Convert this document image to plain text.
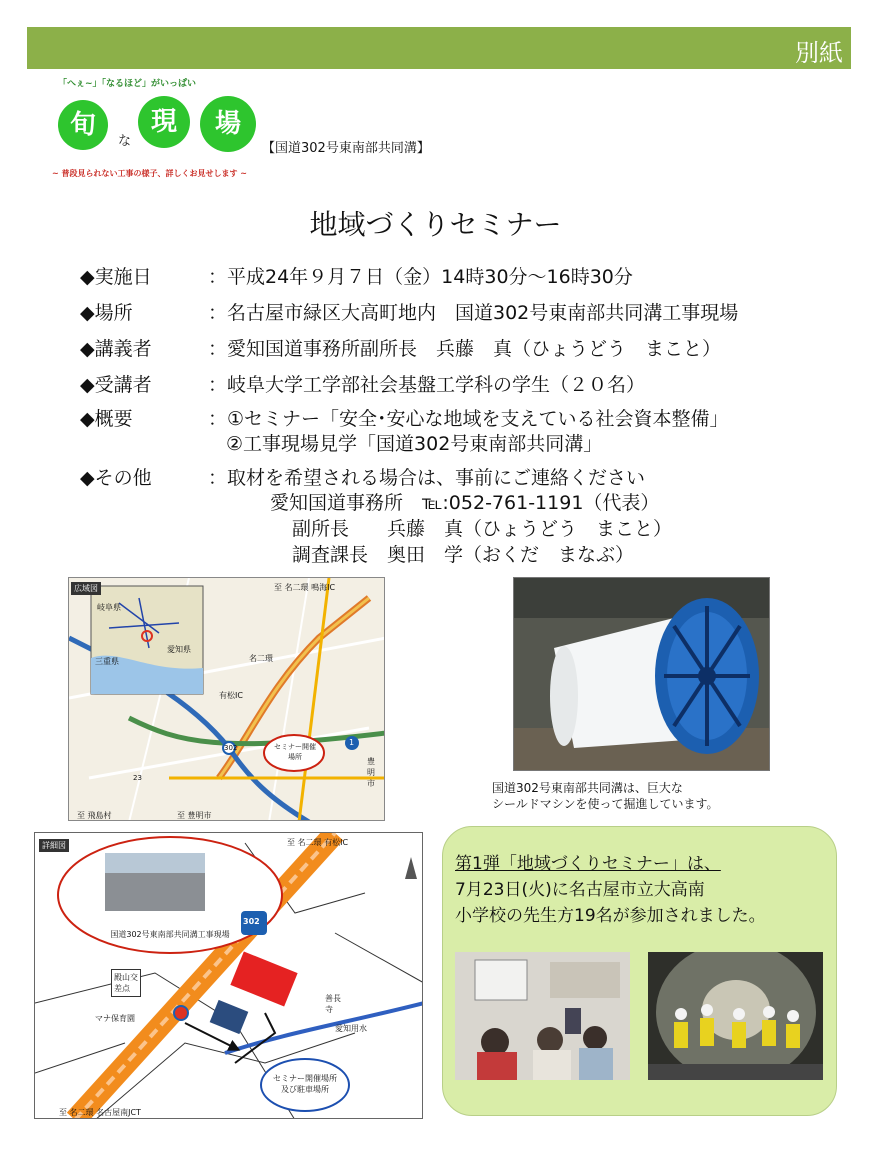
別紙
「へぇ~」「なるほど」がいっぱい
旬
な
現	場
【国道302号東南部共同溝】
~ 普段見られない工事の様子、詳しくお見せします ~
地域づくりセミナー
◆実施日	：平成24年９月７日（金）14時30分～16時30分
◆場所	：名古屋市緑区大高町地内　国道302号東南部共同溝工事現場
◆講義者	：愛知国道事務所副所長　兵藤　真（ひょうどう　まこと）
◆受講者	：岐阜大学工学部社会基盤工学科の学生（２０名）
◆概要	：①セミナー「安全･安心な地域を支えている社会資本整備」
②工事現場見学「国道302号東南部共同溝」
◆その他	：取材を希望される場合は、事前にご連絡ください
愛知国道事務所　℡:052-761-1191（代表）
副所長　　兵藤　真（ひょうどう　まこと）
調査課長　奥田　学（おくだ　まなぶ）
広域図	至 名二環 鳴海IC
名二環
有松IC
至 豊明市
至 飛島村
岐阜県
愛知県
三重県
302
23
1
豊明市
セミナー開催場所
国道302号東南部共同溝は、巨大な
シールドマシンを使って掘進しています。
詳細図	至 名二環 有松IC
至 名二環 名古屋南JCT
国道302号東南部共同溝工事現場
殿山交差点
セミナー開催場所及び駐車場所
302
マナ保育園
愛知用水
善長寺
第1弾「地域づくりセミナー」は、
7月23日(火)に名古屋市立大高南
小学校の先生方19名が参加されました。
